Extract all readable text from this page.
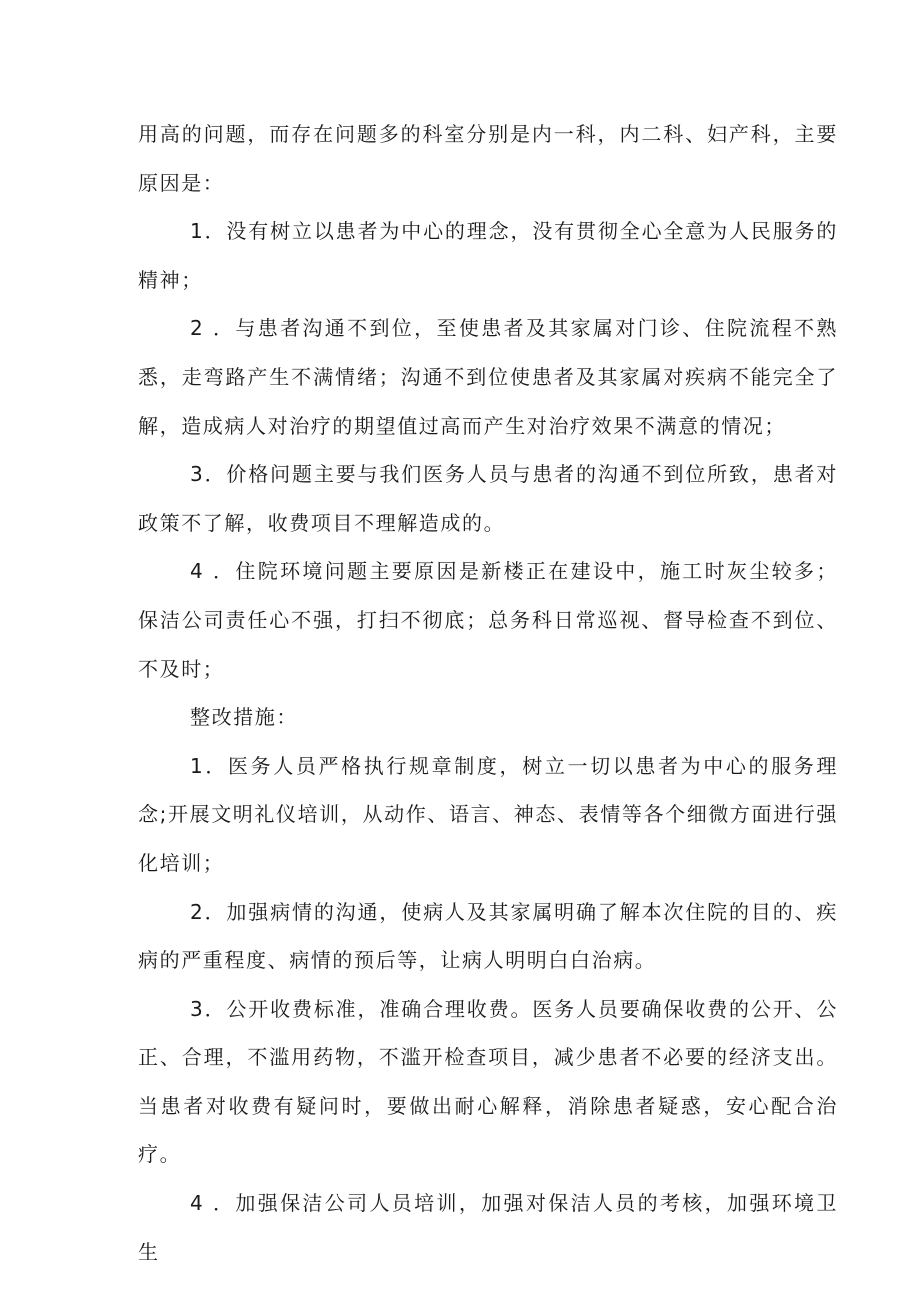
用高的问题，而存在问题多的科室分别是内一科，内二科、妇产科，主要原因是：

1．没有树立以患者为中心的理念，没有贯彻全心全意为人民服务的精神；

2 ．与患者沟通不到位，至使患者及其家属对门诊、住院流程不熟悉，走弯路产生不满情绪；沟通不到位使患者及其家属对疾病不能完全了解，造成病人对治疗的期望值过高而产生对治疗效果不满意的情况；

3．价格问题主要与我们医务人员与患者的沟通不到位所致，患者对政策不了解，收费项目不理解造成的。

4 ．住院环境问题主要原因是新楼正在建设中，施工时灰尘较多；保洁公司责任心不强，打扫不彻底；总务科日常巡视、督导检查不到位、不及时；

整改措施：

1．医务人员严格执行规章制度，树立一切以患者为中心的服务理念;开展文明礼仪培训，从动作、语言、神态、表情等各个细微方面进行强化培训；

2．加强病情的沟通，使病人及其家属明确了解本次住院的目的、疾病的严重程度、病情的预后等，让病人明明白白治病。

3．公开收费标准，准确合理收费。医务人员要确保收费的公开、公正、合理，不滥用药物，不滥开检查项目，减少患者不必要的经济支出。当患者对收费有疑问时，要做出耐心解释，消除患者疑惑，安心配合治疗。

4 ．加强保洁公司人员培训，加强对保洁人员的考核，加强环境卫生
